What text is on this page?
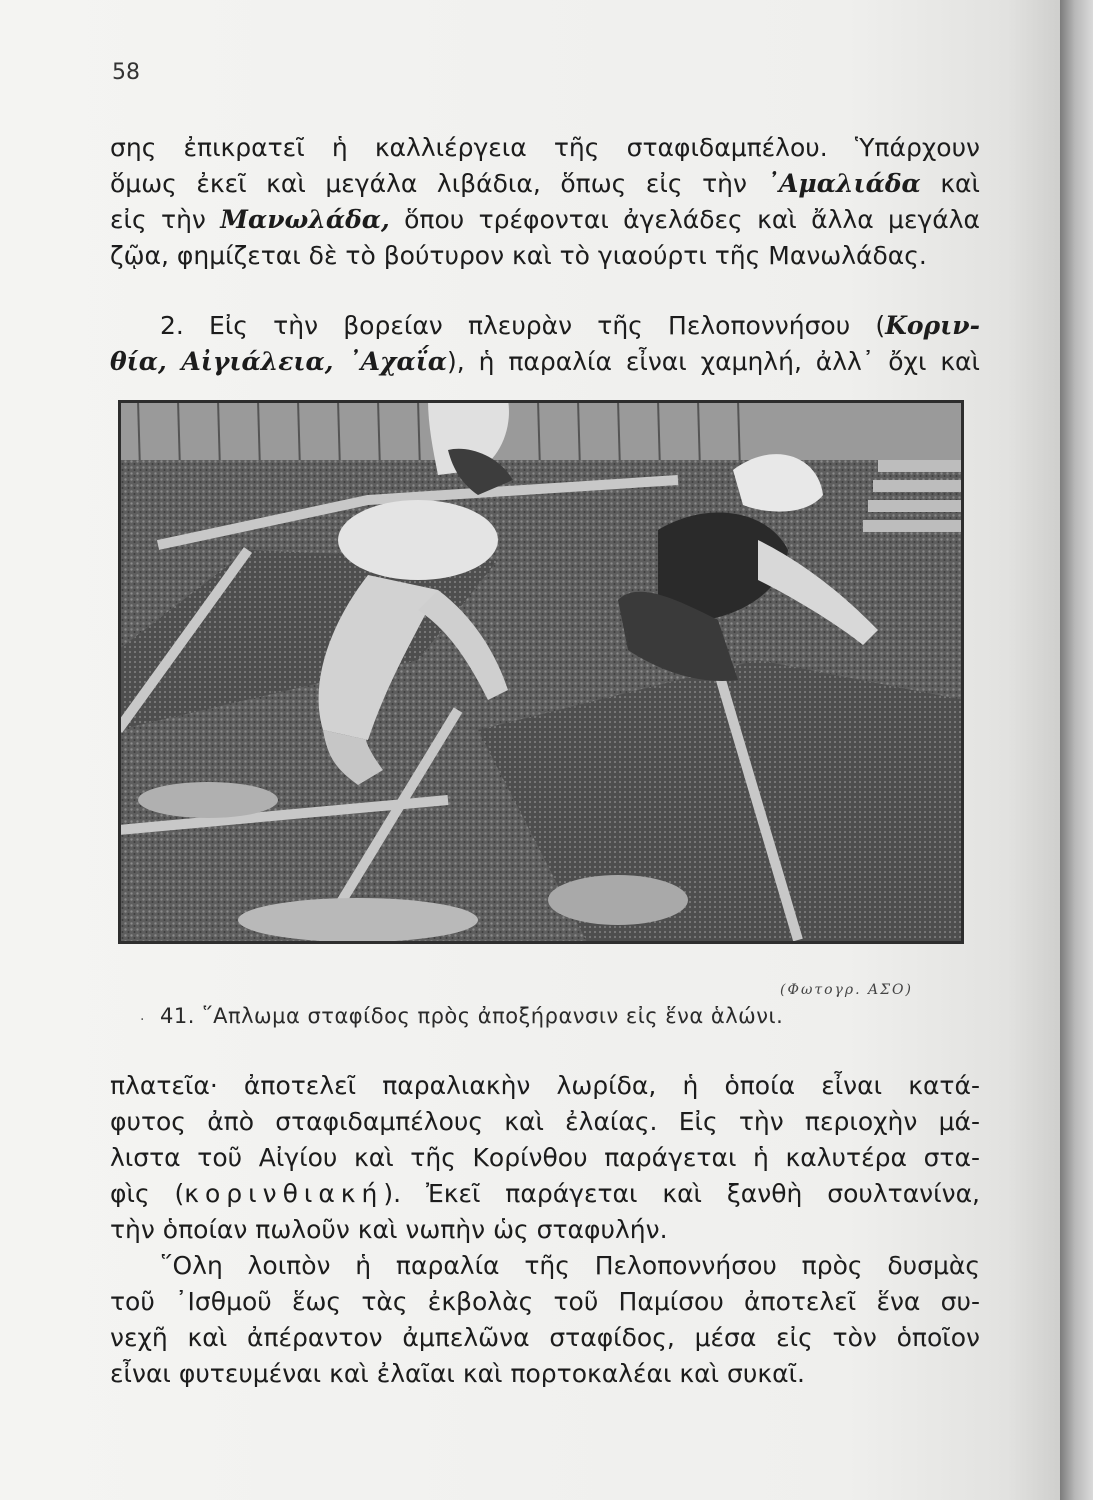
58
σης ἐπικρατεῖ ἡ καλλιέργεια τῆς σταφιδαμπέλου. Ὑπάρχουν
ὅμως ἐκεῖ καὶ μεγάλα λιβάδια, ὅπως εἰς τὴν ᾿Αμαλιάδα καὶ
εἰς τὴν Μανωλάδα, ὅπου τρέφονται ἀγελάδες καὶ ἄλλα μεγάλα
ζῷα, φημίζεται δὲ τὸ βούτυρον καὶ τὸ γιαούρτι τῆς Μανωλάδας.
2. Εἰς τὴν βορείαν πλευρὰν τῆς Πελοποννήσου (Κοριν-
θία, Αἰγιάλεια, ᾿Αχαΐα), ἡ παραλία εἶναι χαμηλή, ἀλλ᾿ ὄχι καὶ
(Φωτογρ. ΑΣΟ)
. 41. ῞Απλωμα σταφίδος πρὸς ἀποξήρανσιν εἰς ἕνα ἁλώνι.
πλατεῖα· ἀποτελεῖ παραλιακὴν λωρίδα, ἡ ὁποία εἶναι κατά-
φυτος ἀπὸ σταφιδαμπέλους καὶ ἐλαίας. Εἰς τὴν περιοχὴν μά-
λιστα τοῦ Αἰγίου καὶ τῆς Κορίνθου παράγεται ἡ καλυτέρα στα-
φὶς (κορινθιακή). Ἐκεῖ παράγεται καὶ ξανθὴ σουλτανίνα,
τὴν ὁποίαν πωλοῦν καὶ νωπὴν ὡς σταφυλήν.
῞Ολη λοιπὸν ἡ παραλία τῆς Πελοποννήσου πρὸς δυσμὰς
τοῦ ᾿Ισθμοῦ ἕως τὰς ἐκβολὰς τοῦ Παμίσου ἀποτελεῖ ἕνα συ-
νεχῆ καὶ ἀπέραντον ἀμπελῶνα σταφίδος, μέσα εἰς τὸν ὁποῖον
εἶναι φυτευμέναι καὶ ἐλαῖαι καὶ πορτοκαλέαι καὶ συκαῖ.
